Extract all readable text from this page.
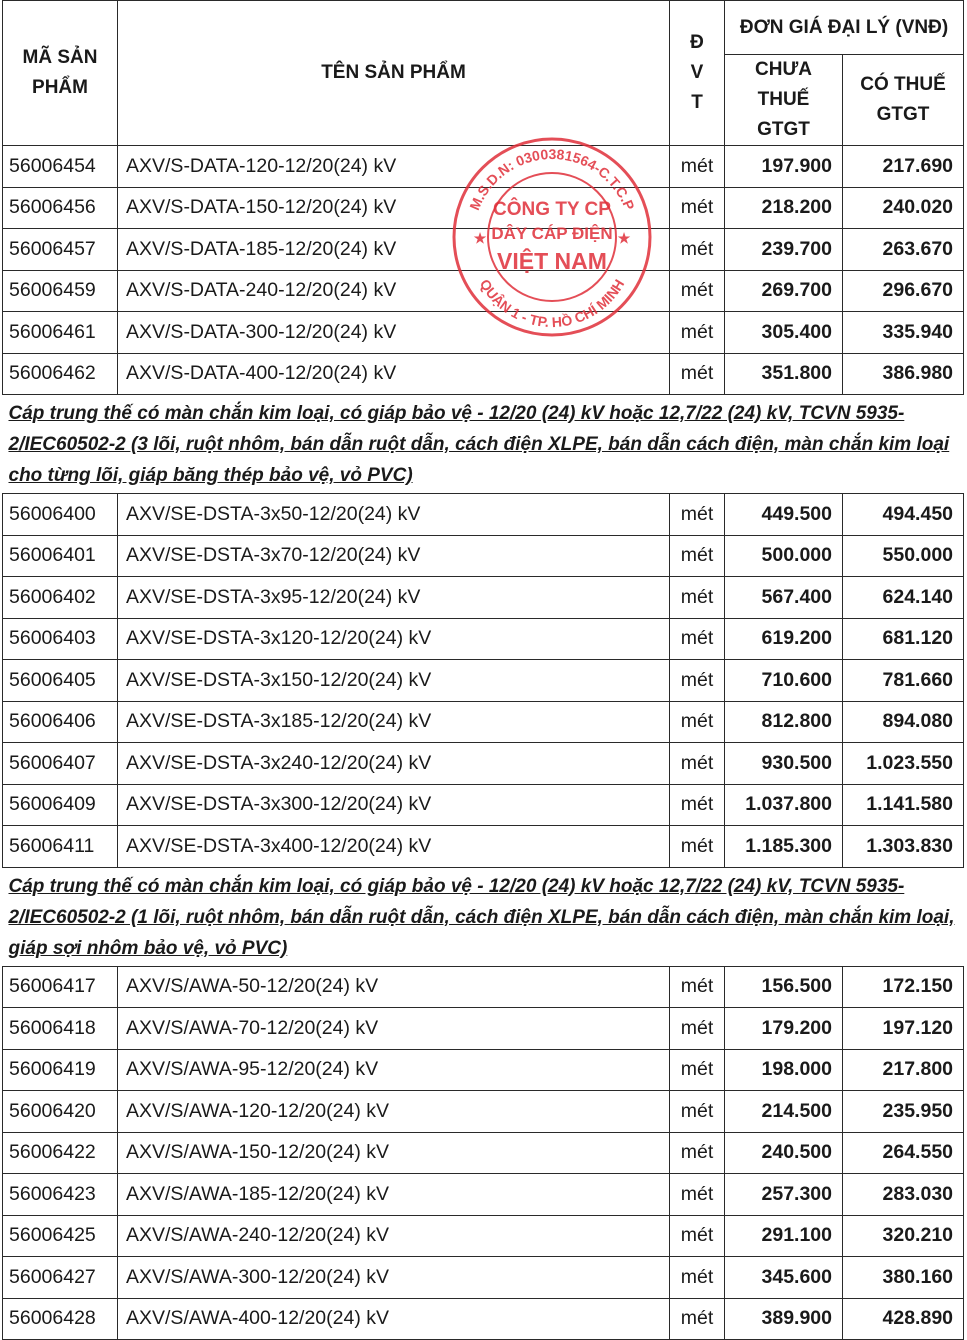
MÃ SẢN PHẨM	TÊN SẢN PHẨM	Đ V T	ĐƠN GIÁ ĐẠI LÝ (VNĐ)	
			CHƯA THUẾ GTGT	CÓ THUẾ GTGT
56006454	AXV/S-DATA-120-12/20(24) kV	mét	197.900	217.690
56006456	AXV/S-DATA-150-12/20(24) kV	mét	218.200	240.020
56006457	AXV/S-DATA-185-12/20(24) kV	mét	239.700	263.670
56006459	AXV/S-DATA-240-12/20(24) kV	mét	269.700	296.670
56006461	AXV/S-DATA-300-12/20(24) kV	mét	305.400	335.940
56006462	AXV/S-DATA-400-12/20(24) kV	mét	351.800	386.980
Cáp trung thế có màn chắn kim loại, có giáp bảo vệ - 12/20 (24) kV hoặc 12,7/22 (24) kV, TCVN 5935-2/IEC60502-2 (3 lõi, ruột nhôm, bán dẫn ruột dẫn, cách điện XLPE, bán dẫn cách điện, màn chắn kim loại cho từng lõi, giáp băng thép bảo vệ, vỏ PVC)				
56006400	AXV/SE-DSTA-3x50-12/20(24) kV	mét	449.500	494.450
56006401	AXV/SE-DSTA-3x70-12/20(24) kV	mét	500.000	550.000
56006402	AXV/SE-DSTA-3x95-12/20(24) kV	mét	567.400	624.140
56006403	AXV/SE-DSTA-3x120-12/20(24) kV	mét	619.200	681.120
56006405	AXV/SE-DSTA-3x150-12/20(24) kV	mét	710.600	781.660
56006406	AXV/SE-DSTA-3x185-12/20(24) kV	mét	812.800	894.080
56006407	AXV/SE-DSTA-3x240-12/20(24) kV	mét	930.500	1.023.550
56006409	AXV/SE-DSTA-3x300-12/20(24) kV	mét	1.037.800	1.141.580
56006411	AXV/SE-DSTA-3x400-12/20(24) kV	mét	1.185.300	1.303.830
Cáp trung thế có màn chắn kim loại, có giáp bảo vệ - 12/20 (24) kV hoặc 12,7/22 (24) kV, TCVN 5935-2/IEC60502-2 (1 lõi, ruột nhôm, bán dẫn ruột dẫn, cách điện XLPE, bán dẫn cách điện, màn chắn kim loại, giáp sợi nhôm bảo vệ, vỏ PVC)				
56006417	AXV/S/AWA-50-12/20(24) kV	mét	156.500	172.150
56006418	AXV/S/AWA-70-12/20(24) kV	mét	179.200	197.120
56006419	AXV/S/AWA-95-12/20(24) kV	mét	198.000	217.800
56006420	AXV/S/AWA-120-12/20(24) kV	mét	214.500	235.950
56006422	AXV/S/AWA-150-12/20(24) kV	mét	240.500	264.550
56006423	AXV/S/AWA-185-12/20(24) kV	mét	257.300	283.030
56006425	AXV/S/AWA-240-12/20(24) kV	mét	291.100	320.210
56006427	AXV/S/AWA-300-12/20(24) kV	mét	345.600	380.160
56006428	AXV/S/AWA-400-12/20(24) kV	mét	389.900	428.890
M.S.D.N: 0300381564-C.T.C.P
QUẬN 1 - TP. HỒ CHÍ MINH
CÔNG TY CP
DÂY CÁP ĐIỆN
VIỆT NAM
★	★
